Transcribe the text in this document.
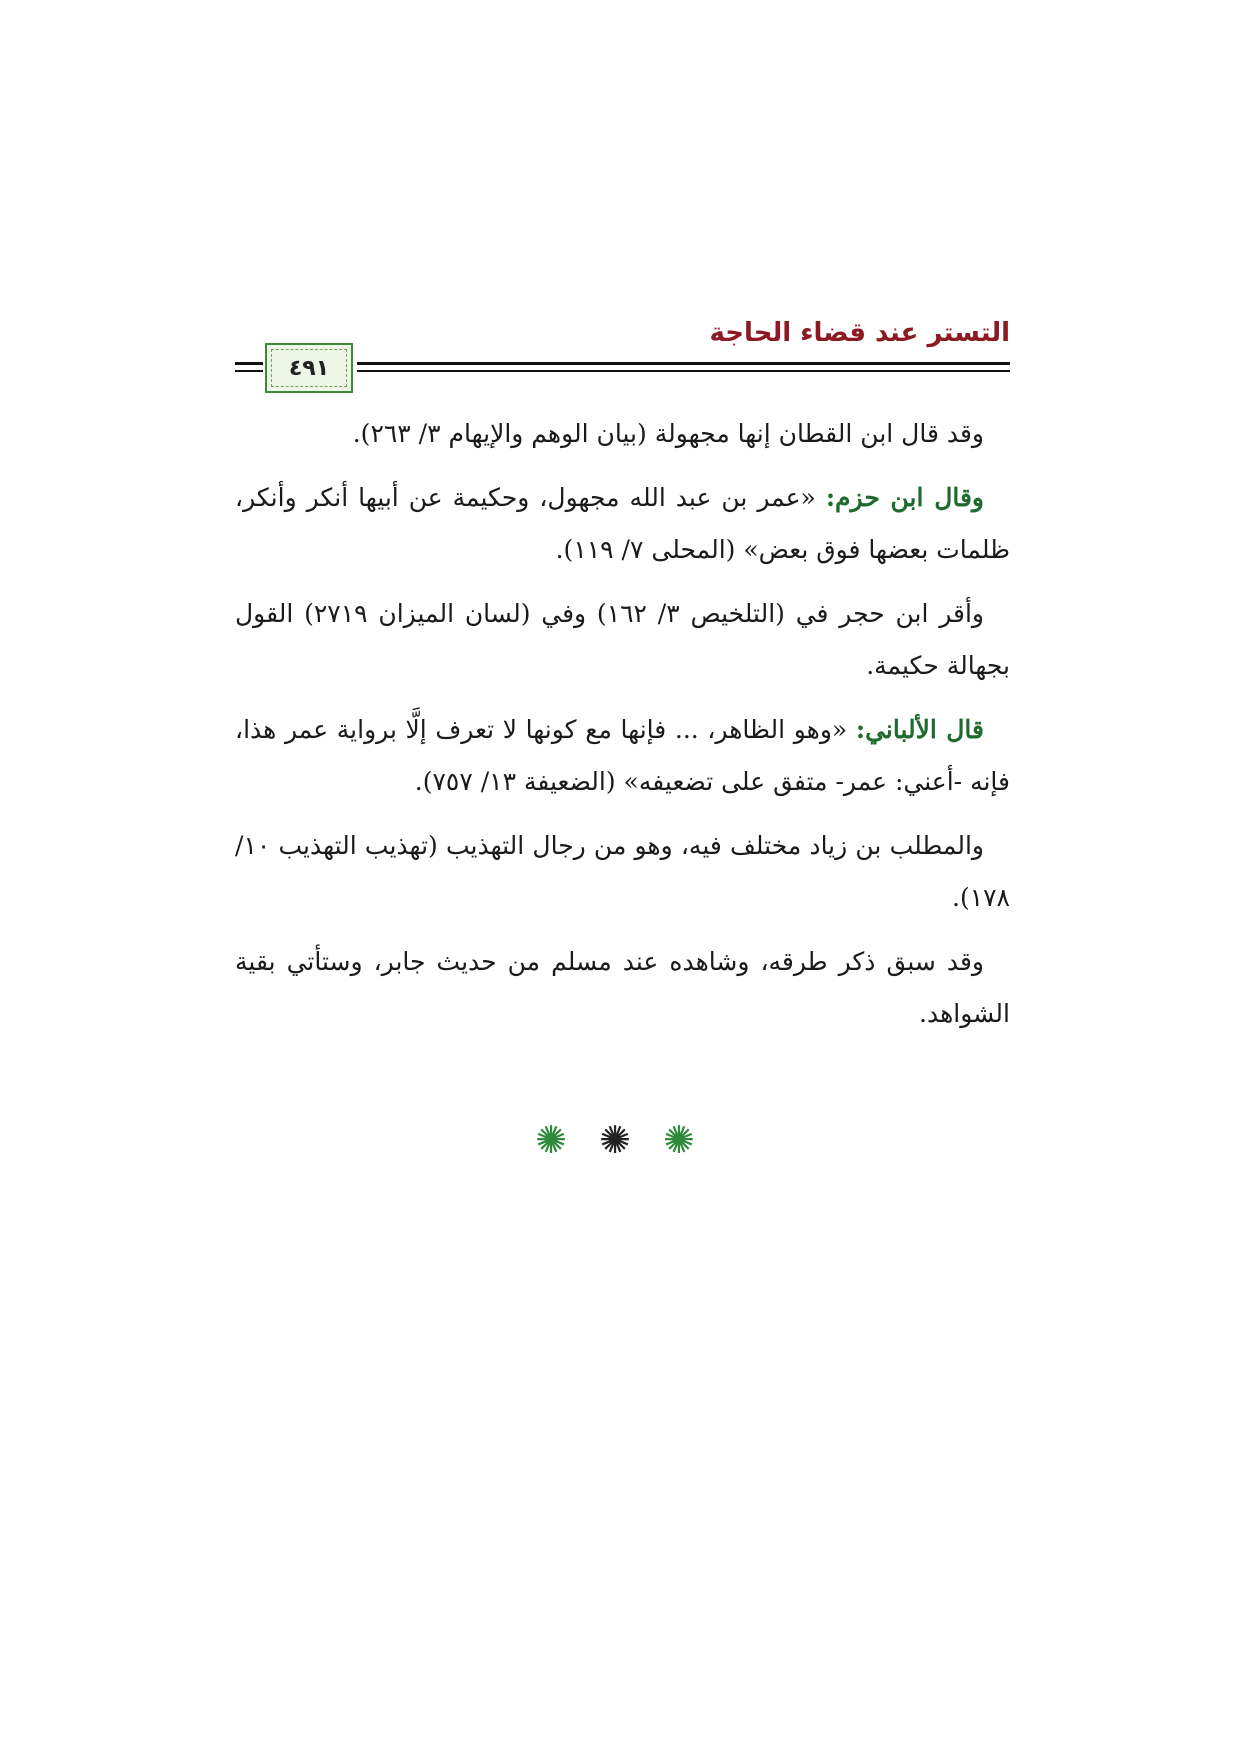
التستر عند قضاء الحاجة
٤٩١

وقد قال ابن القطان إنها مجهولة (بيان الوهم والإيهام ٣/ ٢٦٣).

وقال ابن حزم: «عمر بن عبد الله مجهول، وحكيمة عن أبيها أنكر وأنكر، ظلمات بعضها فوق بعض» (المحلى ٧/ ١١٩).

وأقر ابن حجر في (التلخيص ٣/ ١٦٢) وفي (لسان الميزان ٢٧١٩) القول بجهالة حكيمة.

قال الألباني: «وهو الظاهر، ... فإنها مع كونها لا تعرف إلَّا برواية عمر هذا، فإنه -أعني: عمر- متفق على تضعيفه» (الضعيفة ١٣/ ٧٥٧).

والمطلب بن زياد مختلف فيه، وهو من رجال التهذيب (تهذيب التهذيب ١٠/ ١٧٨).

وقد سبق ذكر طرقه، وشاهده عند مسلم من حديث جابر، وستأتي بقية الشواهد.

✺ ✺ ✺
